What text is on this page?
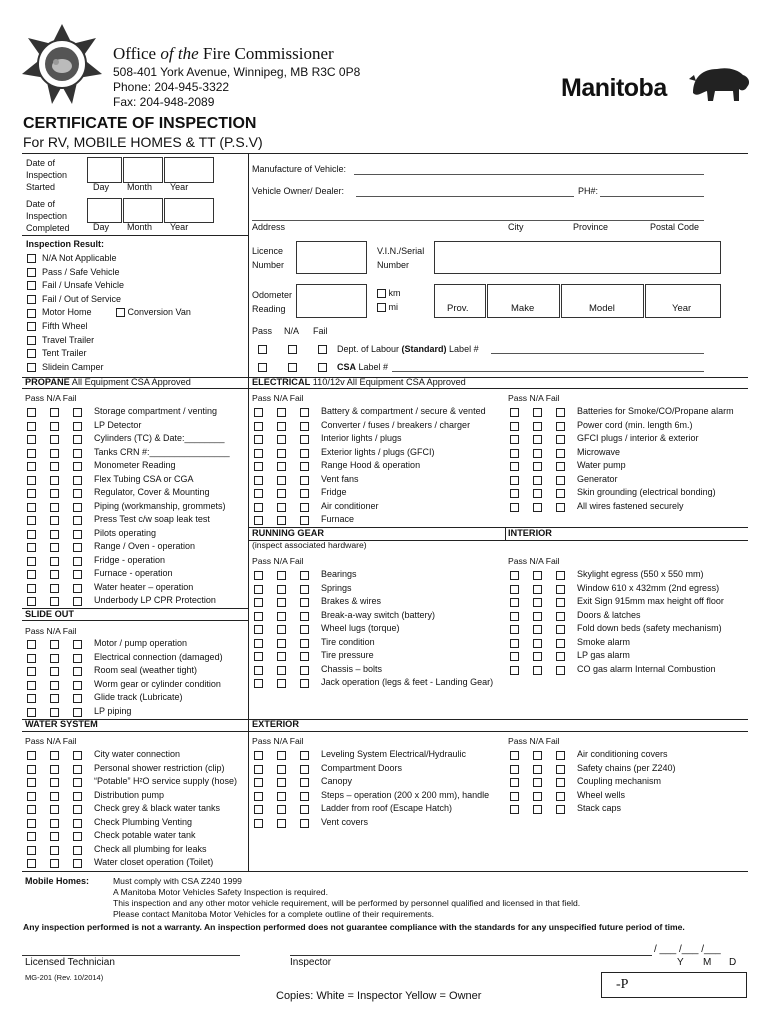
Office of the Fire Commissioner
508-401 York Avenue, Winnipeg, MB R3C 0P8
Phone: 204-945-3322
Fax: 204-948-2089	Manitoba
CERTIFICATE OF INSPECTION
For RV, MOBILE HOMES & TT (P.S.V)
Date of
Inspection
Started	Day Month Year
Date of
Inspection
Completed	Day Month Year
Manufacture of Vehicle:
Vehicle Owner/ Dealer:	PH#:
Address	City	Province	Postal Code
Licence
Number
V.I.N./Serial
Number
Odometer
Reading
km
mi	Prov.	Make	Model	Year
Pass N/A Fail
Dept. of Labour (Standard) Label #
CSA Label #
Inspection Result:
N/A Not Applicable
Pass / Safe Vehicle
Fail / Unsafe Vehicle
Fail / Out of Service
Motor Home
Fifth Wheel
Travel Trailer
Tent Trailer
Slidein Camper
Conversion Van
PROPANE All Equipment CSA Approved	ELECTRICAL 110/12v All Equipment CSA Approved
SLIDE OUT
RUNNING GEAR
(inspect associated hardware)
INTERIOR
WATER SYSTEM	EXTERIOR
Pass N/A Fail	Pass N/A Fail	Pass N/A Fail
Pass N/A Fail
Pass N/A Fail	Pass N/A Fail
Pass N/A Fail	Pass N/A Fail	Pass N/A Fail
Storage compartment / venting
LP Detector
Cylinders (TC) & Date:________
Tanks CRN #:________________
Monometer Reading
Flex Tubing CSA or CGA
Regulator, Cover & Mounting
Piping (workmanship, grommets)
Press Test c/w soap leak test
Pilots operating
Range / Oven - operation
Fridge - operation
Furnace - operation
Water heater – operation
Underbody LP CPR Protection
Motor / pump operation
Electrical connection (damaged)
Room seal (weather tight)
Worm gear or cylinder condition
Glide track (Lubricate)
LP piping
City water connection
Personal shower restriction (clip)
“Potable” H²O service supply (hose)
Distribution pump
Check grey & black water tanks
Check Plumbing Venting
Check potable water tank
Check all plumbing for leaks
Water closet operation (Toilet)
Battery & compartment / secure & vented
Converter / fuses / breakers / charger
Interior lights / plugs
Exterior lights / plugs (GFCI)
Range Hood & operation
Vent fans
Fridge
Air conditioner
Furnace
Batteries for Smoke/CO/Propane alarm
Power cord (min. length 6m.)
GFCI plugs / interior & exterior
Microwave
Water pump
Generator
Skin grounding (electrical bonding)
All wires fastened securely
Bearings
Springs
Brakes & wires
Break-a-way switch (battery)
Wheel lugs (torque)
Tire condition
Tire pressure
Chassis – bolts
Jack operation (legs & feet - Landing Gear)
Skylight egress (550 x 550 mm)
Window 610 x 432mm (2nd egress)
Exit Sign 915mm max height off floor
Doors & latches
Fold down beds (safety mechanism)
Smoke alarm
LP gas alarm
CO gas alarm Internal Combustion
Leveling System Electrical/Hydraulic
Compartment Doors
Canopy
Steps – operation (200 x 200 mm), handle
Ladder from roof (Escape Hatch)
Vent covers
Air conditioning covers
Safety chains (per Z240)
Coupling mechanism
Wheel wells
Stack caps
Mobile Homes:	Must comply with CSA Z240 1999
A Manitoba Motor Vehicles Safety Inspection is required.
This inspection and any other motor vehicle requirement, will be performed by personnel qualified and licensed in that field.
Please contact Manitoba Motor Vehicles for a complete outline of their requirements.
Any inspection performed is not a warranty. An inspection performed does not guarantee compliance with the standards for any unspecified future period of time.
Licensed Technician	Inspector
/ ___ /___ /___
Y M D
MG-201 (Rev. 10/2014)
Copies: White = Inspector Yellow = Owner
-P
